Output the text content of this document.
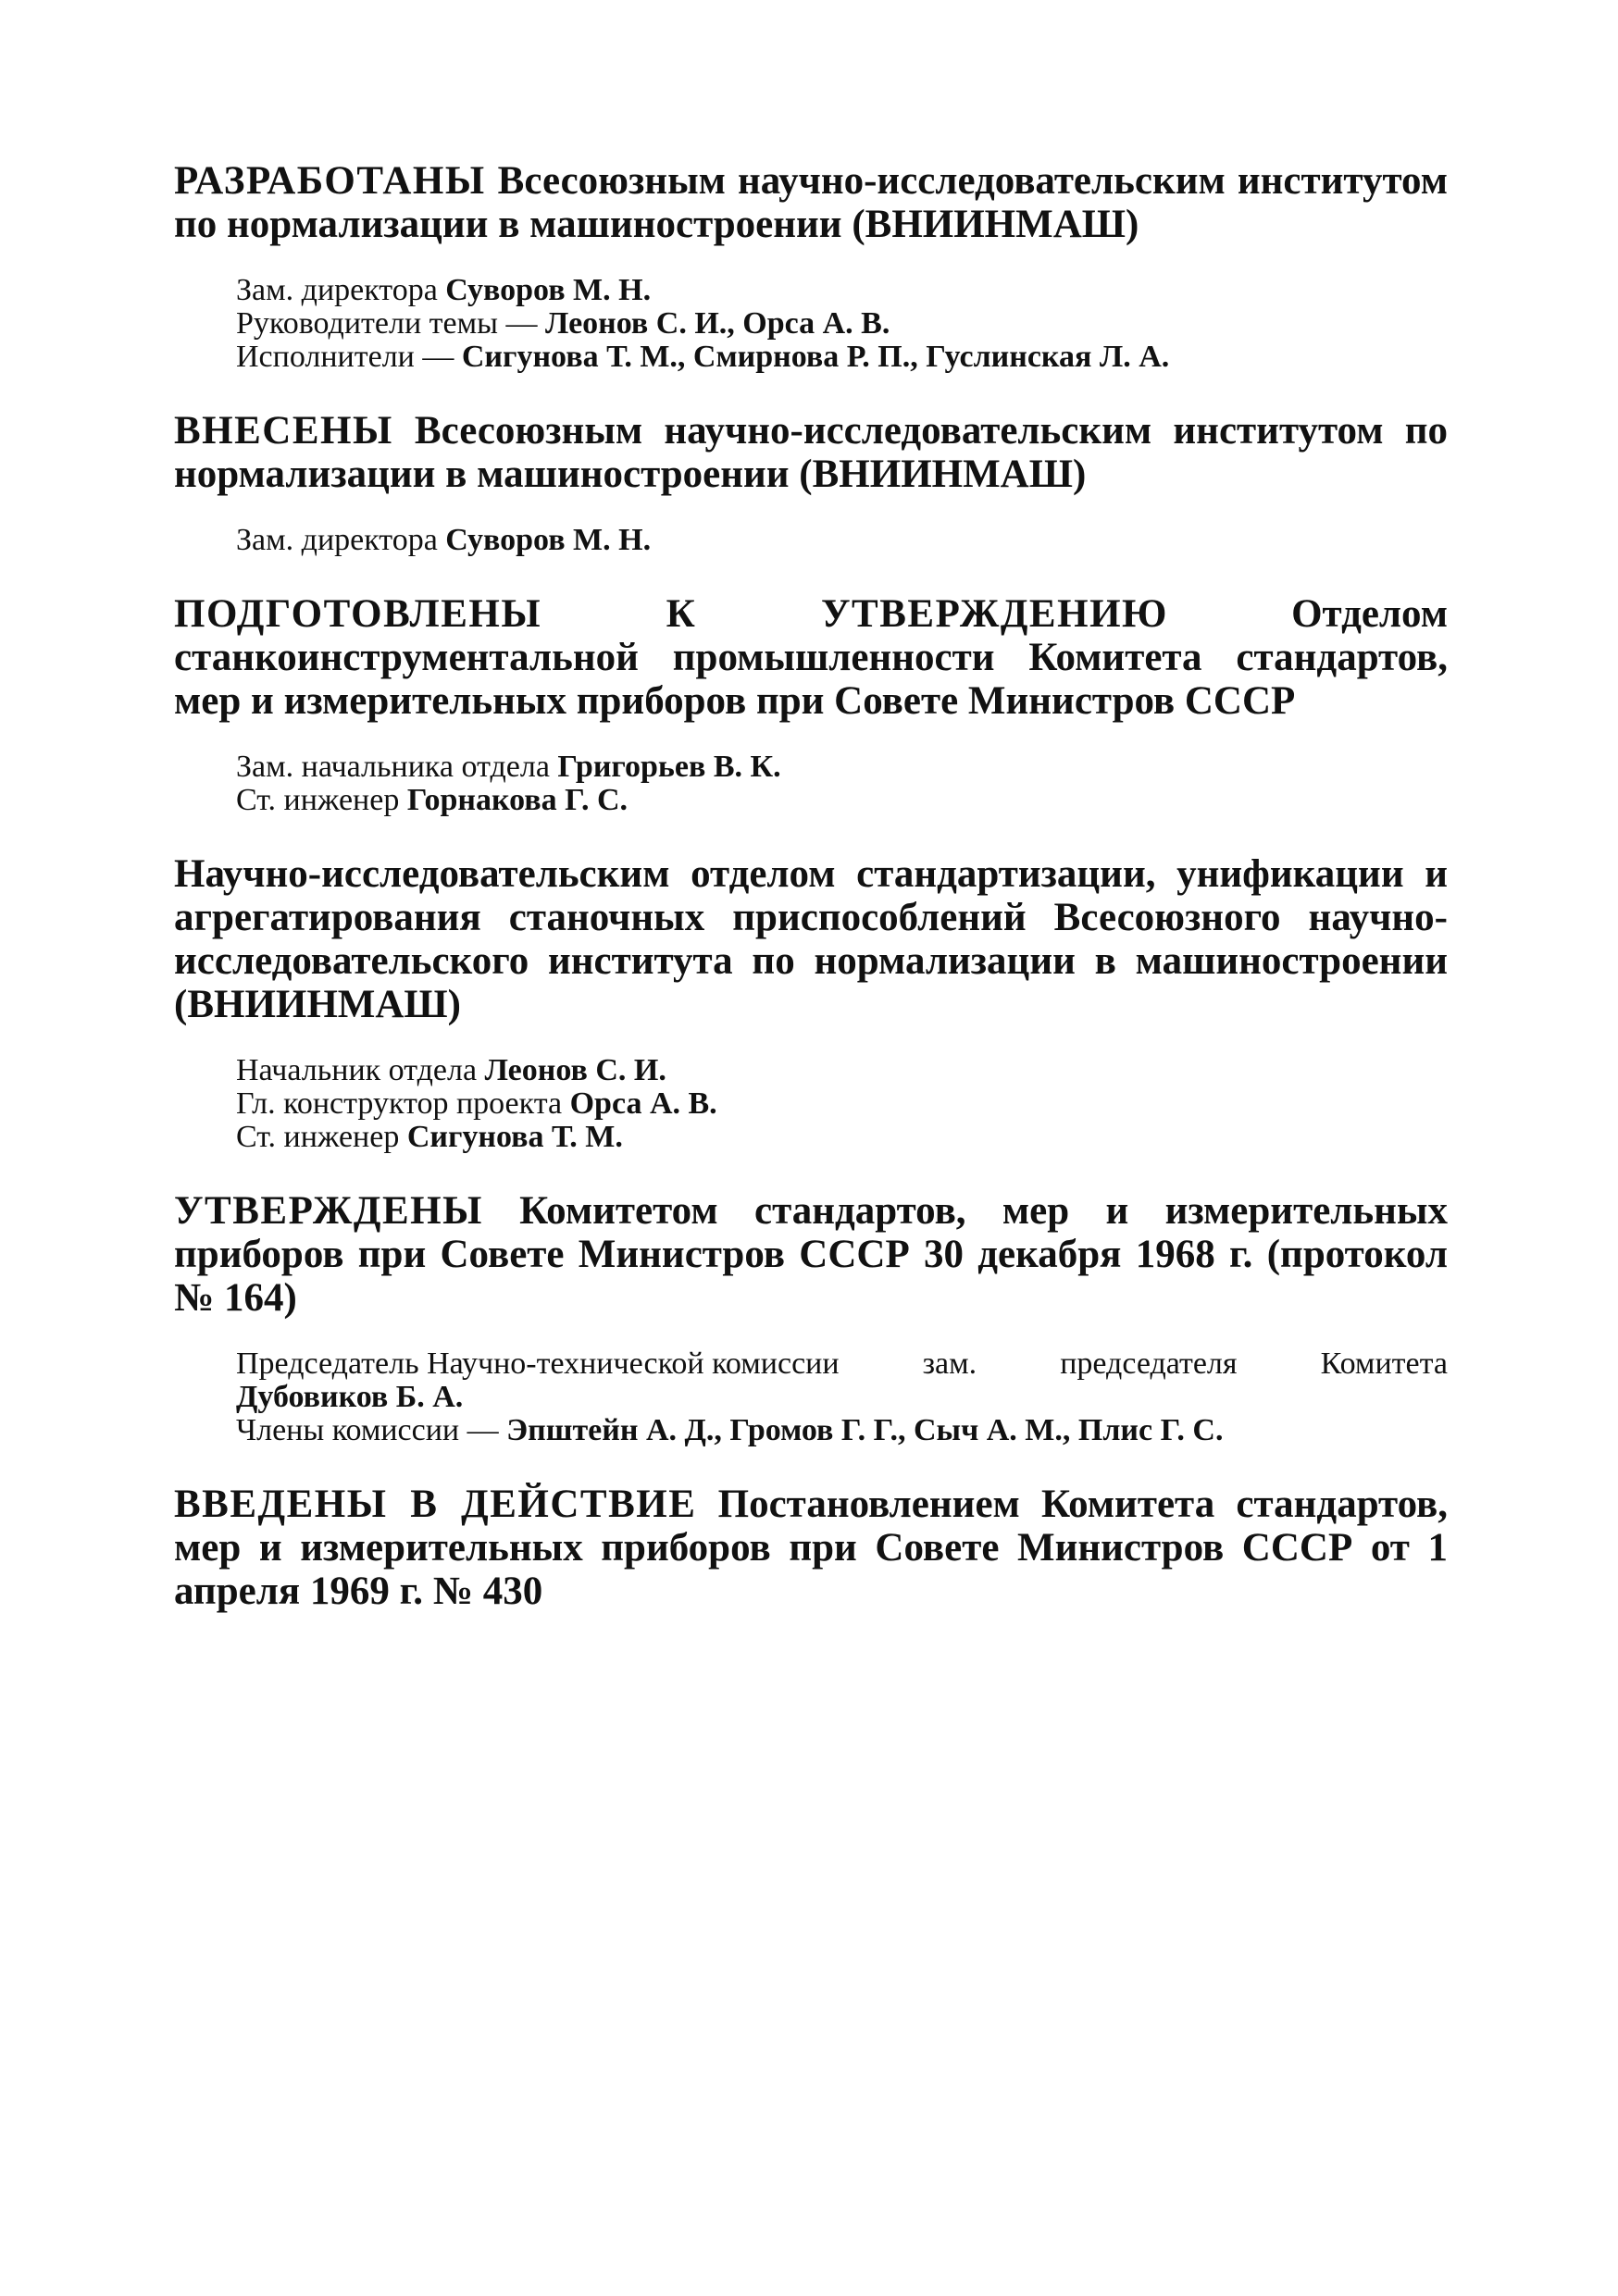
РАЗРАБОТАНЫ Всесоюзным научно-исследовательским институтом по нормализации в машиностроении (ВНИИНМАШ)

Зам. директора Суворов М. Н.
Руководители темы — Леонов С. И., Орса А. В.
Исполнители — Сигунова Т. М., Смирнова Р. П., Гуслинская Л. А.

ВНЕСЕНЫ Всесоюзным научно-исследовательским институтом по нормализации в машиностроении (ВНИИНМАШ)

Зам. директора Суворов М. Н.

ПОДГОТОВЛЕНЫ К УТВЕРЖДЕНИЮ	Отделом станкоинструментальной промышленности Комитета стандартов, мер и измерительных приборов при Совете Министров СССР

Зам. начальника отдела Григорьев В. К.
Ст. инженер Горнакова Г. С.

Научно-исследовательским отделом стандартизации, унификации и агрегатирования станочных приспособлений Всесоюзного научно-исследовательского института по нормализации в машиностроении (ВНИИНМАШ)

Начальник отдела Леонов С. И.
Гл. конструктор проекта Орса А. В.
Ст. инженер Сигунова Т. М.

УТВЕРЖДЕНЫ Комитетом стандартов, мер и измерительных приборов при Совете Министров СССР 30 декабря 1968 г. (протокол № 164)

Председатель Научно-технической комиссии	зам.	председателя	Комитета
Дубовиков Б. А.
Члены комиссии — Эпштейн А. Д., Громов Г. Г., Сыч А. М., Плис Г. С.

ВВЕДЕНЫ В ДЕЙСТВИЕ Постановлением Комитета стандартов, мер и измерительных приборов при Совете Министров СССР от 1 апреля 1969 г. № 430
